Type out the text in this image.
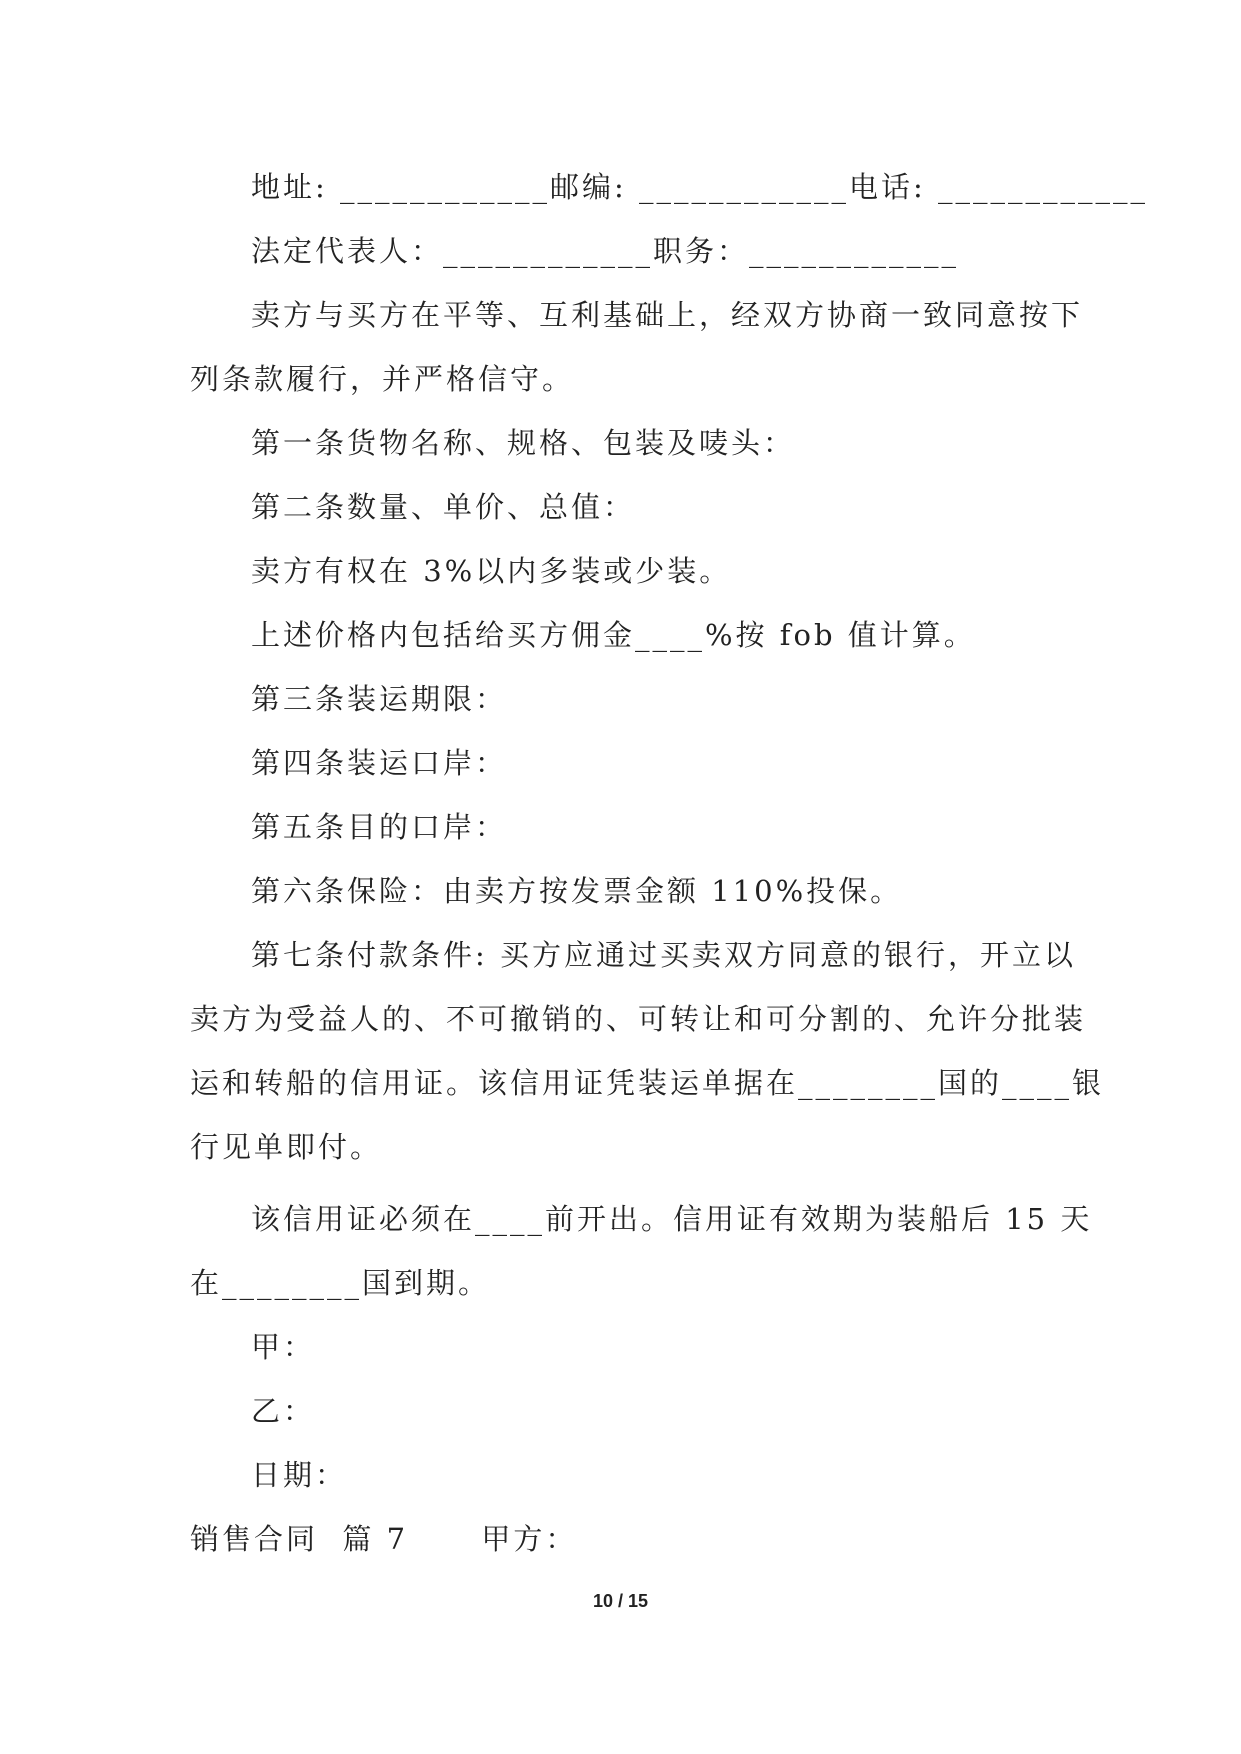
地址: ____________邮编: ____________电话: ____________
法定代表人：____________职务：____________
卖方与买方在平等、互利基础上，经双方协商一致同意按下
列条款履行，并严格信守。
第一条货物名称、规格、包装及唛头：
第二条数量、单价、总值：
卖方有权在 3%以内多装或少装。
上述价格内包括给买方佣金____%按 fob 值计算。
第三条装运期限：
第四条装运口岸：
第五条目的口岸：
第六条保险：由卖方按发票金额 110%投保。
第七条付款条件: 买方应通过买卖双方同意的银行，开立以
卖方为受益人的、不可撤销的、可转让和可分割的、允许分批装
运和转船的信用证。该信用证凭装运单据在________国的____银
行见单即付。
该信用证必须在____前开出。信用证有效期为装船后 15 天
在________国到期。
甲：
乙：
日期：
销售合同  篇 7      甲方：
10 / 15
